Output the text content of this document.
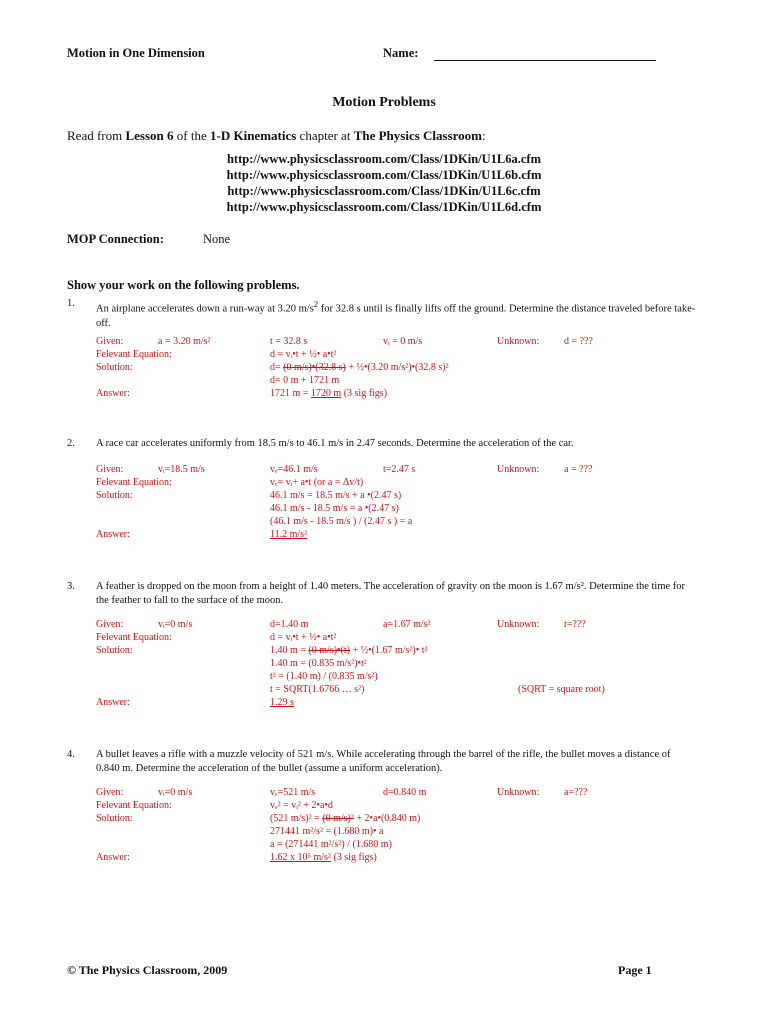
Motion in One Dimension	Name:
Motion Problems
Read from Lesson 6 of the 1-D Kinematics chapter at The Physics Classroom:
http://www.physicsclassroom.com/Class/1DKin/U1L6a.cfm
http://www.physicsclassroom.com/Class/1DKin/U1L6b.cfm
http://www.physicsclassroom.com/Class/1DKin/U1L6c.cfm
http://www.physicsclassroom.com/Class/1DKin/U1L6d.cfm
MOP Connection:	None
Show your work on the following problems.
1. An airplane accelerates down a run-way at 3.20 $m/s^2$ for 32.8 s until is finally lifts off the ground. Determine the distance traveled before take-off.
Given:	a = 3.20 m/s²	t = 32.8 s	vᵢ = 0 m/s	Unknown: d = ???
Felevant Equation:	d = vᵢ•t + ½• a•t²
Solution:	d= (0 m/s)•(32.8 s) + ½•(3.20 m/s²)•(32.8 s)²
d= 0 m + 1721 m
Answer:	1721 m = 1720 m (3 sig figs)
2. A race car accelerates uniformly from 18.5 m/s to 46.1 m/s in 2.47 seconds. Determine the acceleration of the car.
Given:	vᵢ=18.5 m/s	vₑ=46.1 m/s	t=2.47 s	Unknown: a = ???
Felevant Equation:	vₑ= vᵢ+ a•t (or a = Δv/t)
Solution:	46.1 m/s = 18.5 m/s + a •(2.47 s)
46.1 m/s - 18.5 m/s = a •(2.47 s)
(46.1 m/s - 18.5 m/s ) / (2.47 s ) = a
Answer:	11.2 m/s²
3. A feather is dropped on the moon from a height of 1.40 meters. The acceleration of gravity on the moon is 1.67 m/s². Determine the time for the feather to fall to the surface of the moon.
Given:	vᵢ=0 m/s	d=1.40 m	a=1.67 m/s²	Unknown: t=???
Felevant Equation:	d = vᵢ•t + ½• a•t²
Solution:	1.40 m = (0 m/s)•(t) + ½•(1.67 m/s²)• t²
1.40 m = (0.835 m/s²)•t²
t² = (1.40 m) / (0.835 m/s²)
t = SQRT(1.6766 … s²)	(SQRT = square root)
Answer:	1.29 s
4. A bullet leaves a rifle with a muzzle velocity of 521 m/s. While accelerating through the barrel of the rifle, the bullet moves a distance of 0.840 m. Determine the acceleration of the bullet (assume a uniform acceleration).
Given:	vᵢ=0 m/s	vₑ=521 m/s	d=0.840 m	Unknown: a=???
Felevant Equation:	vₑ² = vᵢ² + 2•a•d
Solution:	(521 m/s)² = (0 m/s)² + 2•a•(0.840 m)
271441 m²/s² = (1.680 m)• a
a = (271441 m²/s²) / (1.680 m)
Answer:	1.62 x 10⁵ m/s² (3 sig figs)
© The Physics Classroom, 2009	Page 1
